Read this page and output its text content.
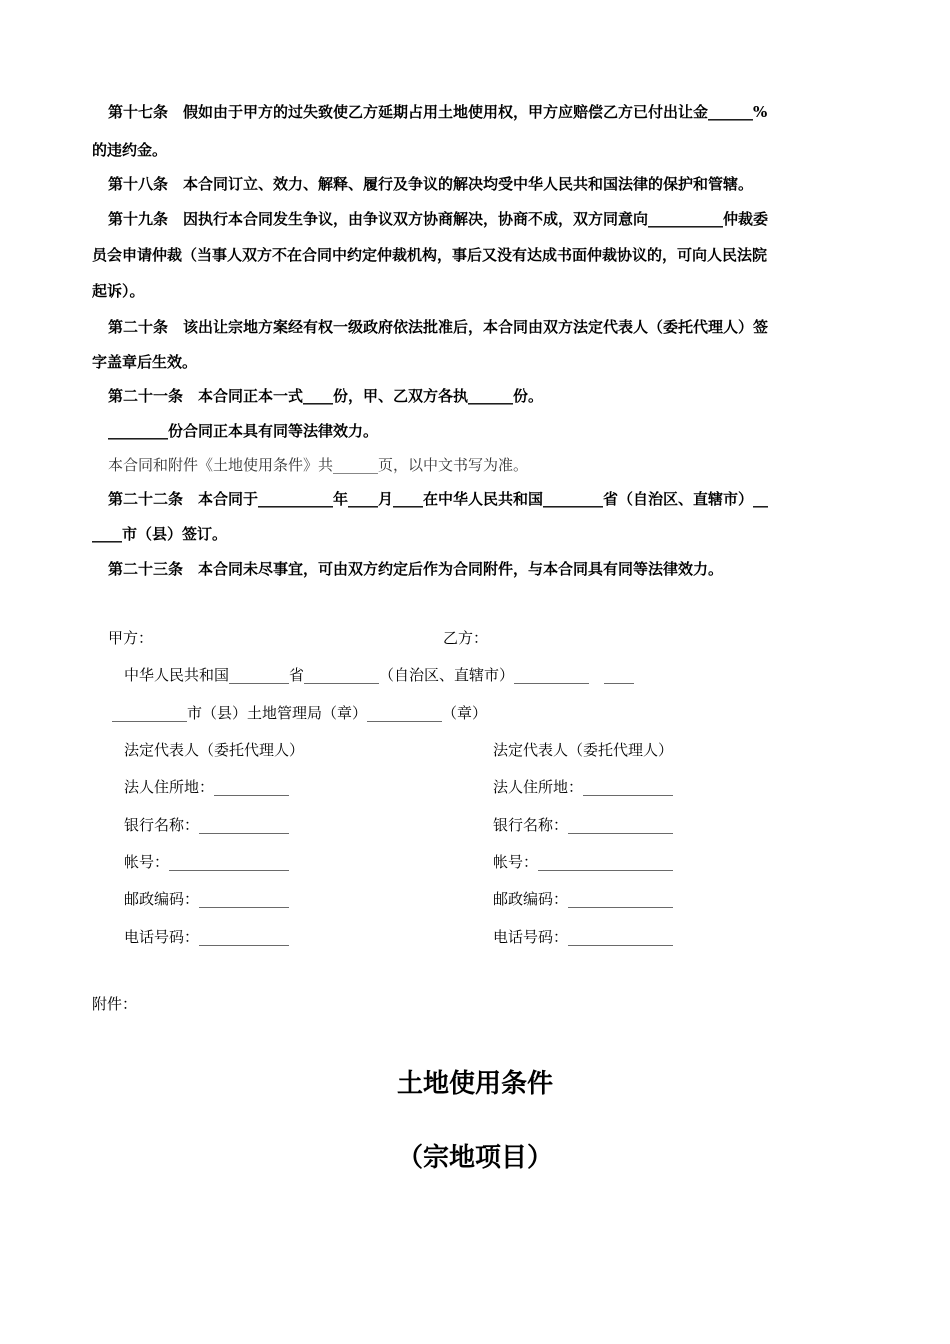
第十七条　假如由于甲方的过失致使乙方延期占用土地使用权，甲方应赔偿乙方已付出让金______%
的违约金。
第十八条　本合同订立、效力、解释、履行及争议的解决均受中华人民共和国法律的保护和管辖。
第十九条　因执行本合同发生争议，由争议双方协商解决，协商不成，双方同意向__________仲裁委
员会申请仲裁（当事人双方不在合同中约定仲裁机构，事后又没有达成书面仲裁协议的，可向人民法院
起诉）。
第二十条　该出让宗地方案经有权一级政府依法批准后，本合同由双方法定代表人（委托代理人）签
字盖章后生效。
第二十一条　本合同正本一式____份，甲、乙双方各执______份。
________份合同正本具有同等法律效力。
本合同和附件《土地使用条件》共______页，以中文书写为准。
第二十二条　本合同于__________年____月____在中华人民共和国________省（自治区、直辖市）__
____市（县）签订。
第二十三条　本合同未尽事宜，可由双方约定后作为合同附件，与本合同具有同等法律效力。
甲方：	乙方：
中华人民共和国________省__________（自治区、直辖市）__________　____
__________市（县）土地管理局（章）__________（章）
法定代表人（委托代理人）	法定代表人（委托代理人）
法人住所地：__________	法人住所地：____________
银行名称：____________	银行名称：______________
帐号：________________	帐号：__________________
邮政编码：____________	邮政编码：______________
电话号码：____________	电话号码：______________
附件：
土地使用条件
（宗地项目）
